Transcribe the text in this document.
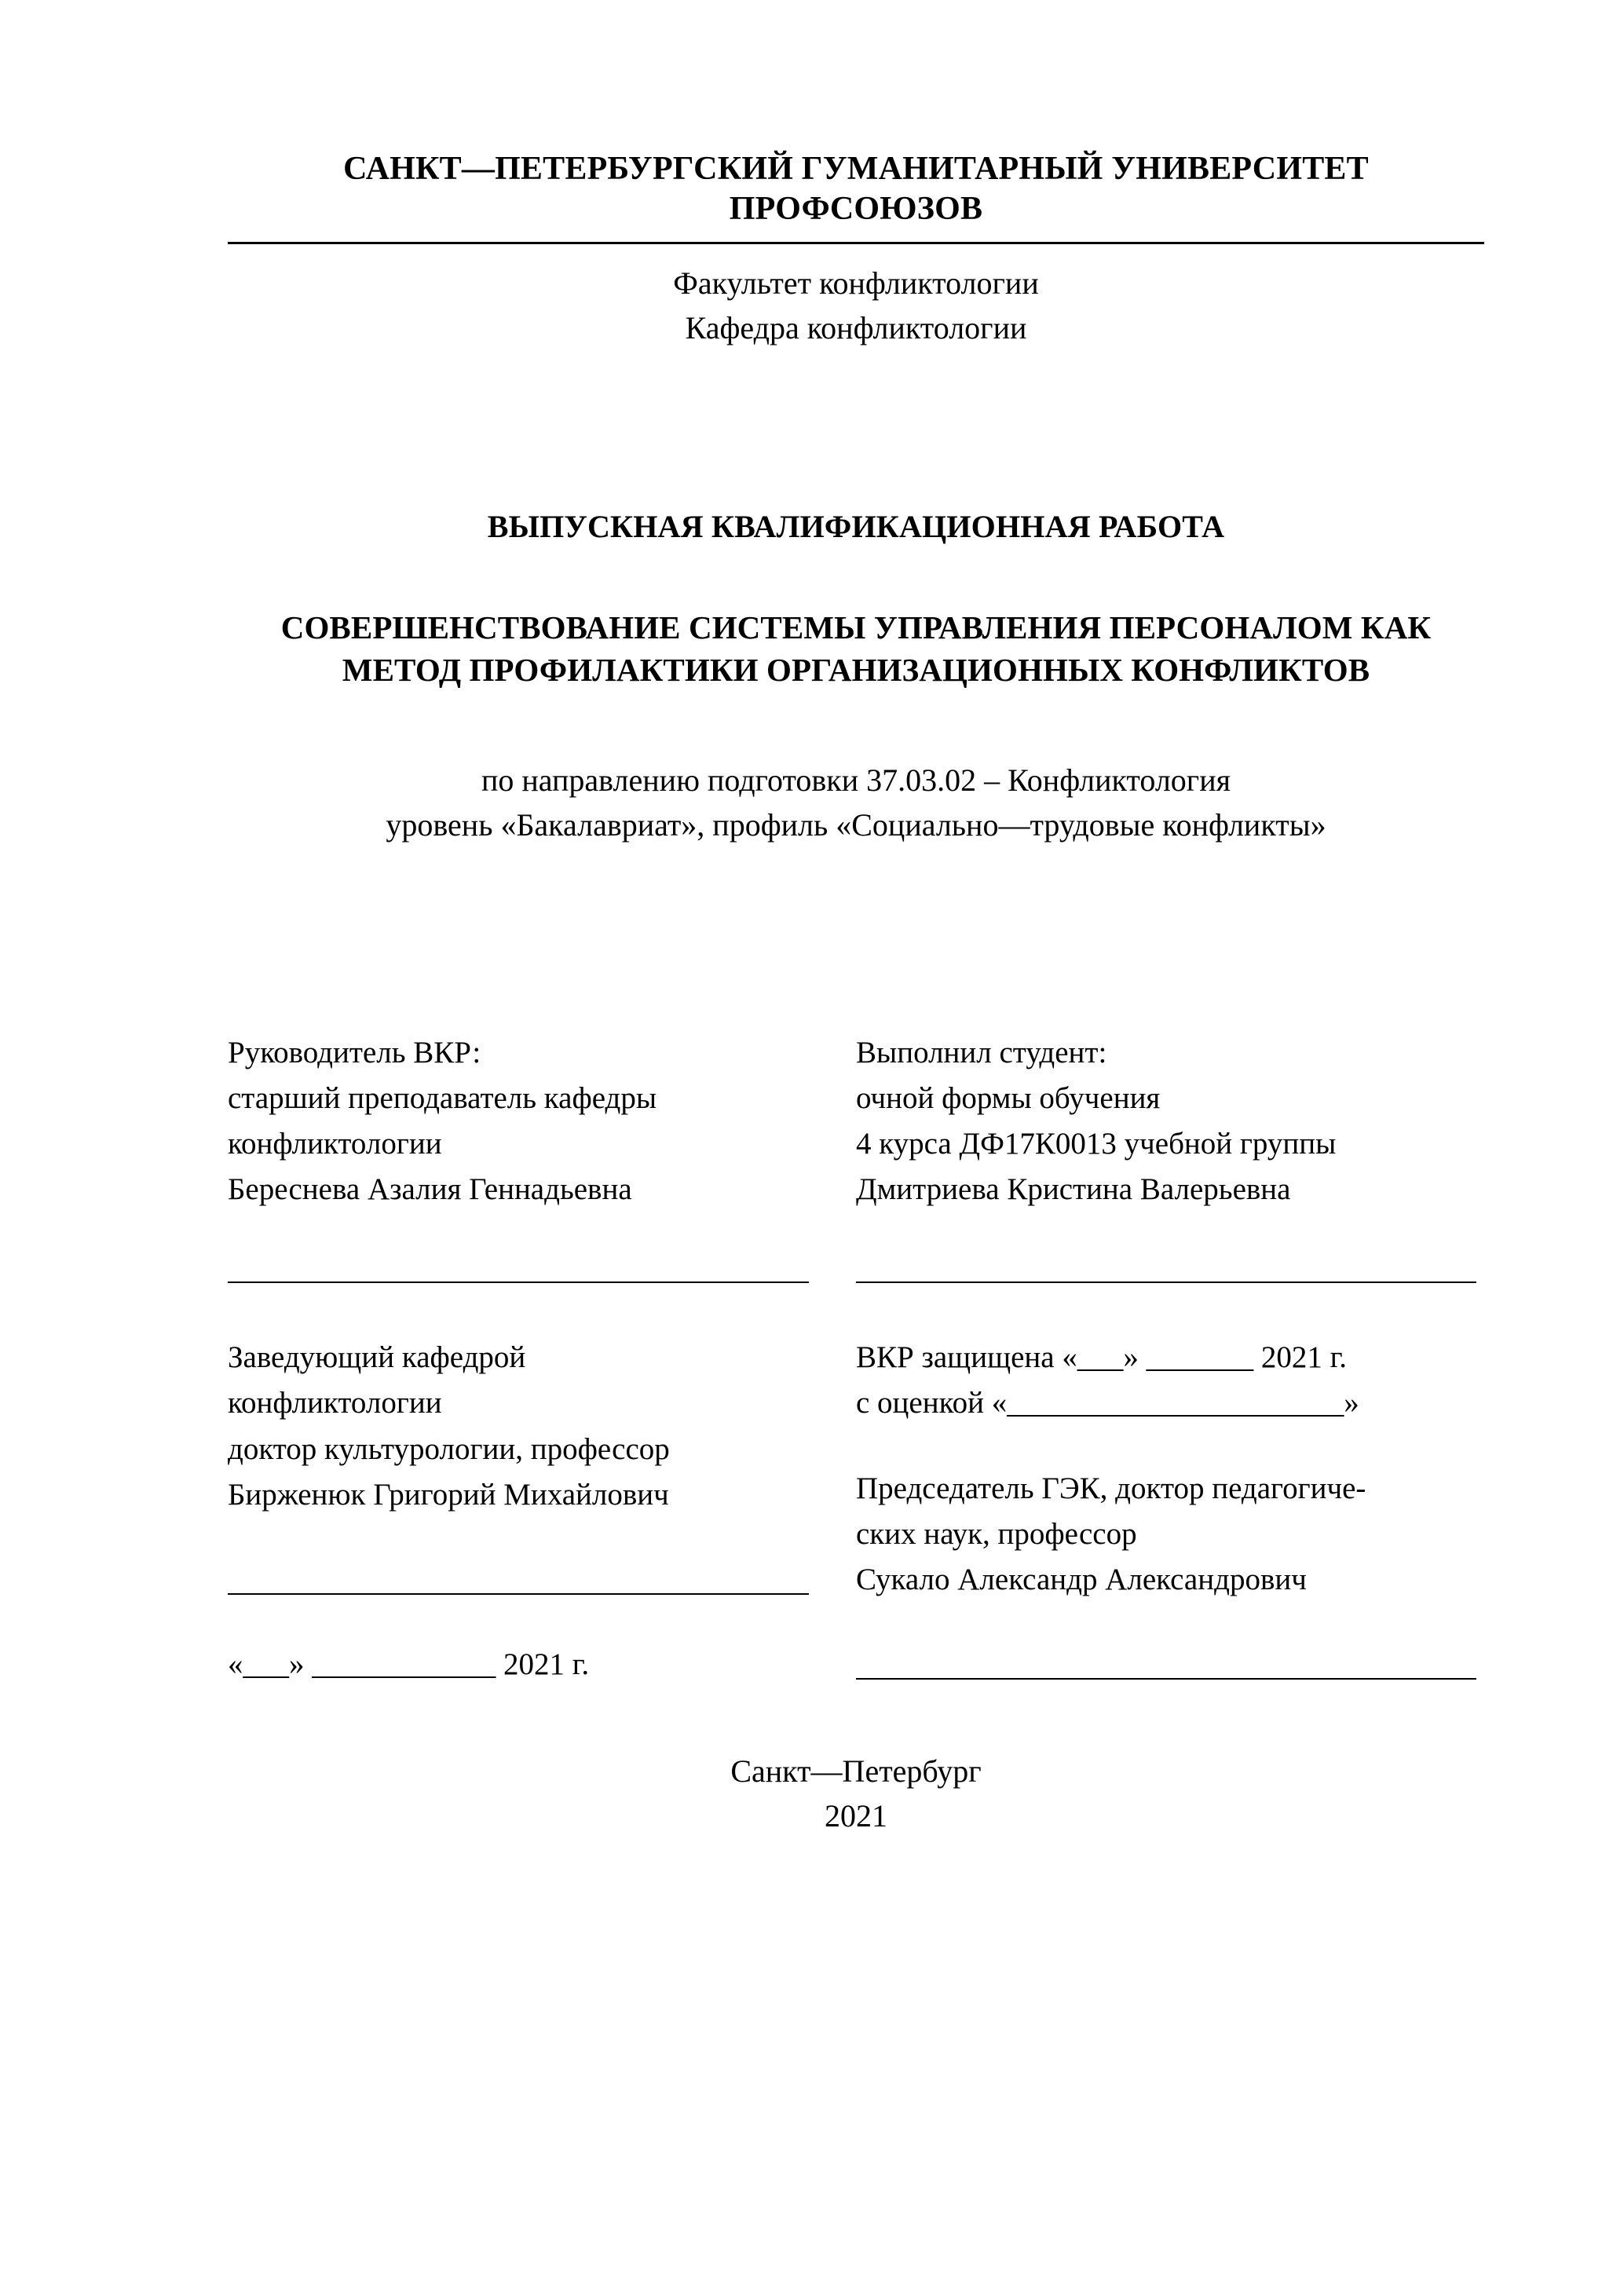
САНКТ—ПЕТЕРБУРГСКИЙ ГУМАНИТАРНЫЙ УНИВЕРСИТЕТ ПРОФСОЮЗОВ
Факультет конфликтологии
Кафедра конфликтологии
ВЫПУСКНАЯ КВАЛИФИКАЦИОННАЯ РАБОТА
СОВЕРШЕНСТВОВАНИЕ СИСТЕМЫ УПРАВЛЕНИЯ ПЕРСОНАЛОМ КАК МЕТОД ПРОФИЛАКТИКИ ОРГАНИЗАЦИОННЫХ КОНФЛИКТОВ
по направлению подготовки 37.03.02 – Конфликтология
уровень «Бакалавриат», профиль «Социально—трудовые конфликты»
Руководитель ВКР:
старший преподаватель кафедры
конфликтологии
Береснева Азалия Геннадьевна
Заведующий кафедрой
конфликтологии
доктор культурологии, профессор
Бирженюк Григорий Михайлович
«___» ____________ 2021 г.
Выполнил студент:
очной формы обучения
4 курса ДФ17К0013 учебной группы
Дмитриева Кристина Валерьевна
ВКР защищена «___» _______ 2021 г.
с оценкой «______________________»
Председатель ГЭК, доктор педагогиче-
ских наук, профессор
Сукало Александр Александрович
Санкт—Петербург
2021
